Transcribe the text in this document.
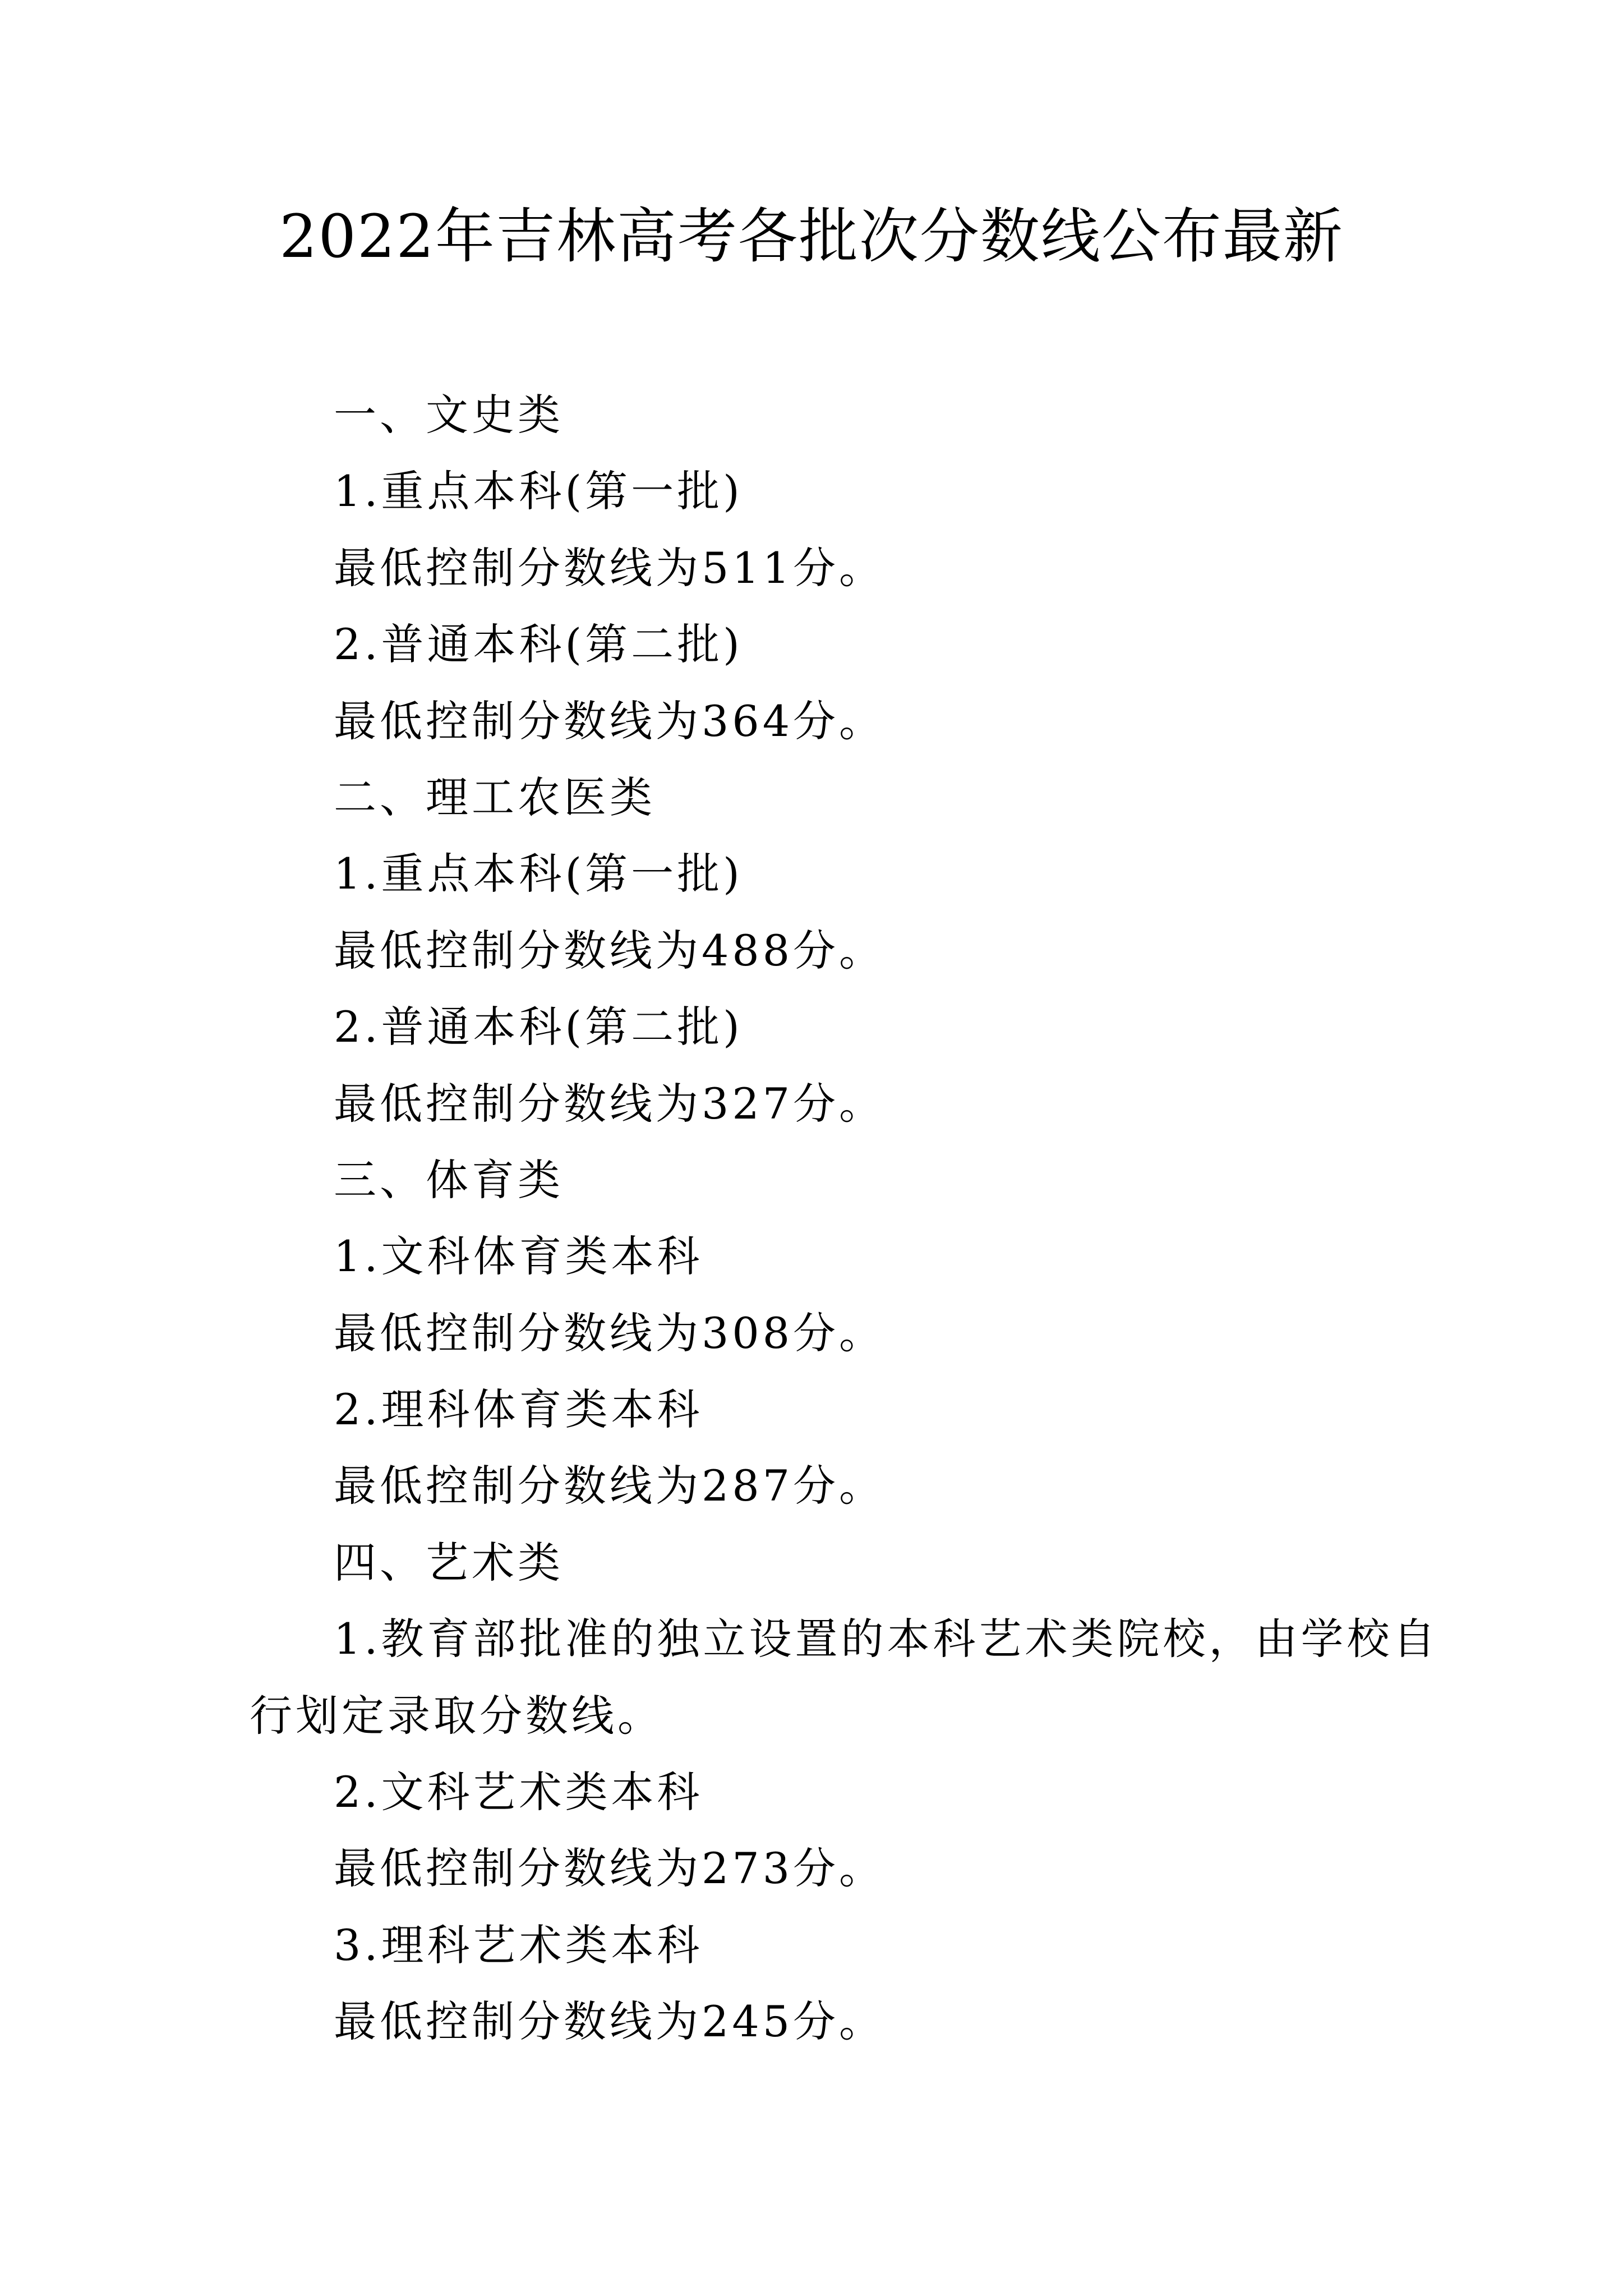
2022年吉林高考各批次分数线公布最新
一、文史类
1.重点本科(第一批)
最低控制分数线为511分。
2.普通本科(第二批)
最低控制分数线为364分。
二、理工农医类
1.重点本科(第一批)
最低控制分数线为488分。
2.普通本科(第二批)
最低控制分数线为327分。
三、体育类
1.文科体育类本科
最低控制分数线为308分。
2.理科体育类本科
最低控制分数线为287分。
四、艺术类
1.教育部批准的独立设置的本科艺术类院校，由学校自
行划定录取分数线。
2.文科艺术类本科
最低控制分数线为273分。
3.理科艺术类本科
最低控制分数线为245分。
